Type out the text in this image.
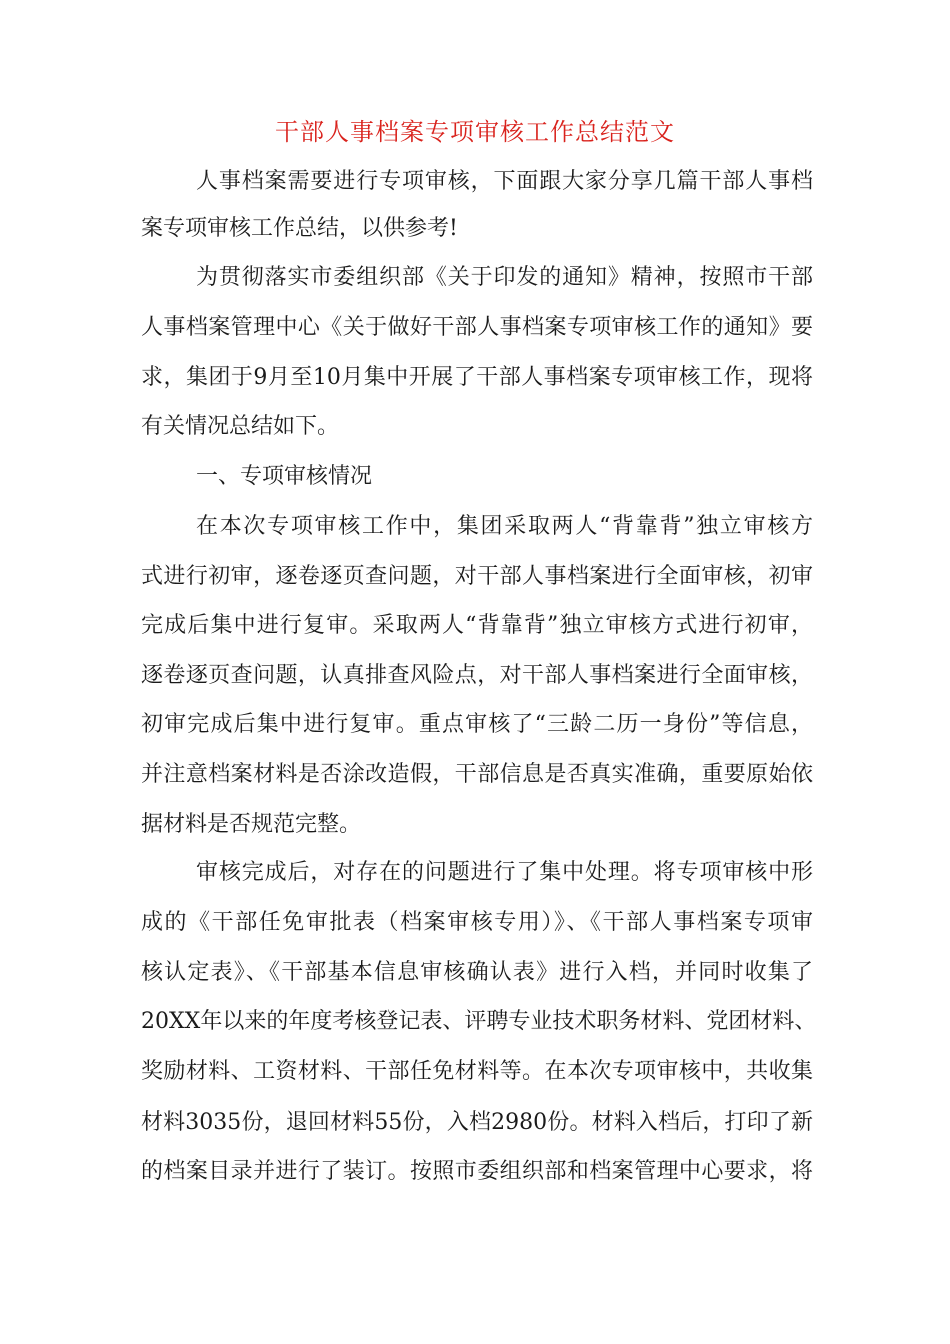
干部人事档案专项审核工作总结范文
人事档案需要进行专项审核，下面跟大家分享几篇干部人事档
案专项审核工作总结，以供参考!
为贯彻落实市委组织部《关于印发的通知》精神，按照市干部
人事档案管理中心《关于做好干部人事档案专项审核工作的通知》要
求，集团于9月至10月集中开展了干部人事档案专项审核工作，现将
有关情况总结如下。
一、专项审核情况
在本次专项审核工作中，集团采取两人“背靠背”独立审核方
式进行初审，逐卷逐页查问题，对干部人事档案进行全面审核，初审
完成后集中进行复审。采取两人“背靠背”独立审核方式进行初审，
逐卷逐页查问题，认真排查风险点，对干部人事档案进行全面审核，
初审完成后集中进行复审。重点审核了“三龄二历一身份”等信息，
并注意档案材料是否涂改造假，干部信息是否真实准确，重要原始依
据材料是否规范完整。
审核完成后，对存在的问题进行了集中处理。将专项审核中形
成的《干部任免审批表（档案审核专用）》、《干部人事档案专项审
核认定表》、《干部基本信息审核确认表》进行入档，并同时收集了
20XX年以来的年度考核登记表、评聘专业技术职务材料、党团材料、
奖励材料、工资材料、干部任免材料等。在本次专项审核中，共收集
材料3035份，退回材料55份，入档2980份。材料入档后，打印了新
的档案目录并进行了装订。按照市委组织部和档案管理中心要求，将
